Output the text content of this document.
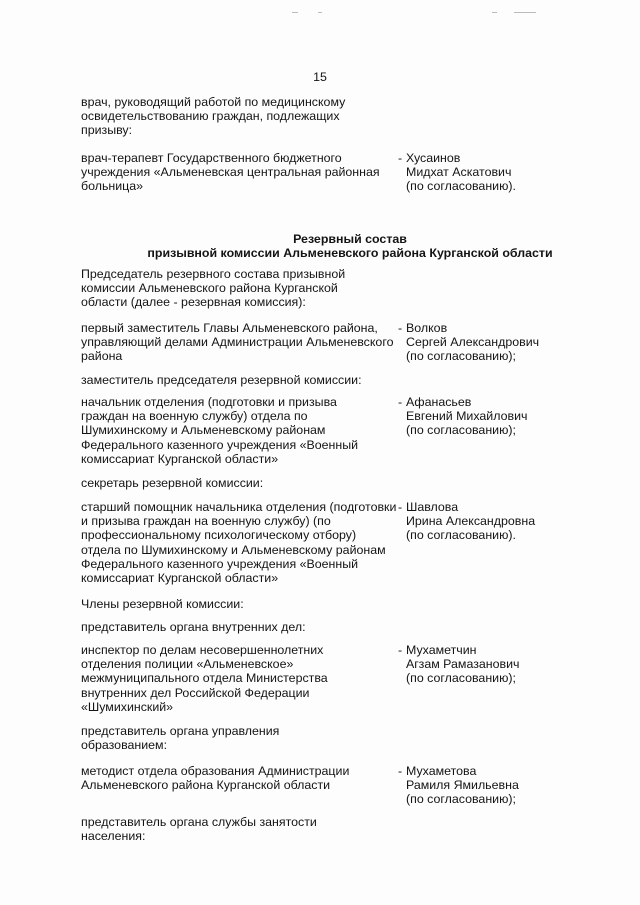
15
врач, руководящий работой по медицинскому освидетельствованию граждан, подлежащих призыву:
врач-терапевт Государственного бюджетного учреждения «Альменевская центральная районная больница»
- Хусаинов
Мидхат Аскатович
(по согласованию).
Резервный состав
призывной комиссии Альменевского района Курганской области
Председатель резервного состава призывной комиссии Альменевского района Курганской области (далее - резервная комиссия):
первый заместитель Главы Альменевского района, управляющий делами Администрации Альменевского района
- Волков
Сергей Александрович
(по согласованию);
заместитель председателя резервной комиссии:
начальник отделения (подготовки и призыва граждан на военную службу) отдела по Шумихинскому и Альменевскому районам Федерального казенного учреждения «Военный комиссариат Курганской области»
- Афанасьев
Евгений Михайлович
(по согласованию);
секретарь резервной комиссии:
старший помощник начальника отделения (подготовки и призыва граждан на военную службу) (по профессиональному психологическому отбору) отдела по Шумихинскому и Альменевскому районам Федерального казенного учреждения «Военный комиссариат Курганской области»
- Шавлова
Ирина Александровна
(по согласованию).
Члены резервной комиссии:
представитель органа внутренних дел:
инспектор по делам несовершеннолетних отделения полиции «Альменевское» межмуниципального отдела Министерства внутренних дел Российской Федерации «Шумихинский»
- Мухаметчин
Агзам Рамазанович
(по согласованию);
представитель органа управления образованием:
методист отдела образования Администрации Альменевского района Курганской области
- Мухаметова
Рамиля Ямильевна
(по согласованию);
представитель органа службы занятости населения:
